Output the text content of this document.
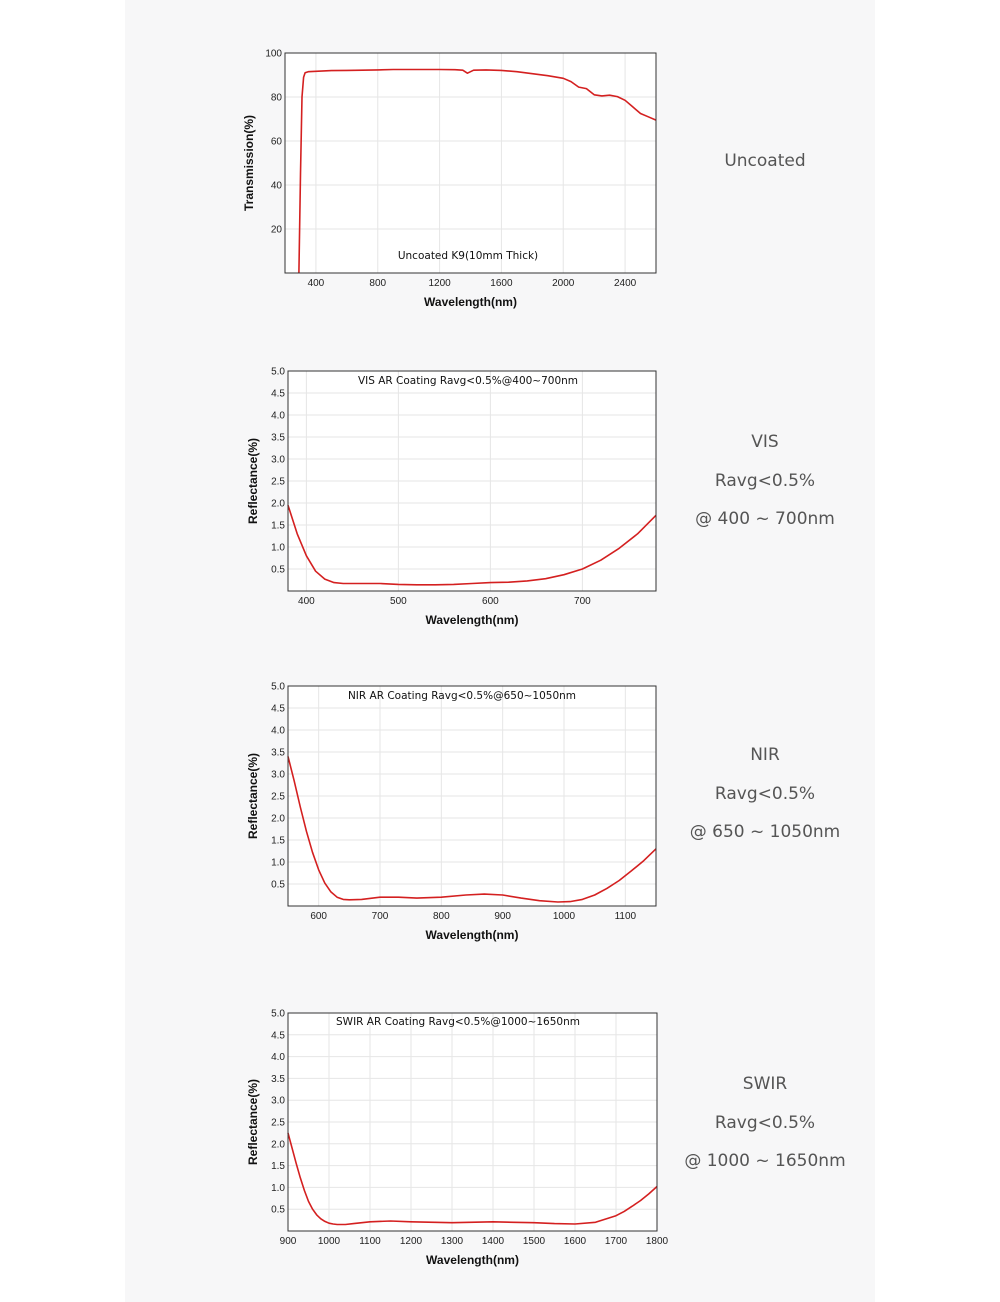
400	800	1200	1600	2000	2400
20
40
60
80
100
Uncoated K9(10mm Thick)
Wavelength(nm)
Transmission(%)
400	500	600	700
0.5
1.0
1.5
2.0
2.5
3.0
3.5
4.0
4.5
5.0
VIS AR Coating Ravg<0.5%@400~700nm
Wavelength(nm)
Reflectance(%)
600	700	800	900	1000	1100
0.5
1.0
1.5
2.0
2.5
3.0
3.5
4.0
4.5
5.0
NIR AR Coating Ravg<0.5%@650~1050nm
Wavelength(nm)
Reflectance(%)
900 1000 1100 1200 1300 1400 1500 1600 1700 1800
0.5
1.0
1.5
2.0
2.5
3.0
3.5
4.0
4.5
5.0
SWIR AR Coating Ravg<0.5%@1000~1650nm
Wavelength(nm)
Reflectance(%)
Uncoated
VIS
Ravg<0.5%
@ 400 ~ 700nm
NIR
Ravg<0.5%
@ 650 ~ 1050nm
SWIR
Ravg<0.5%
@ 1000 ~ 1650nm
